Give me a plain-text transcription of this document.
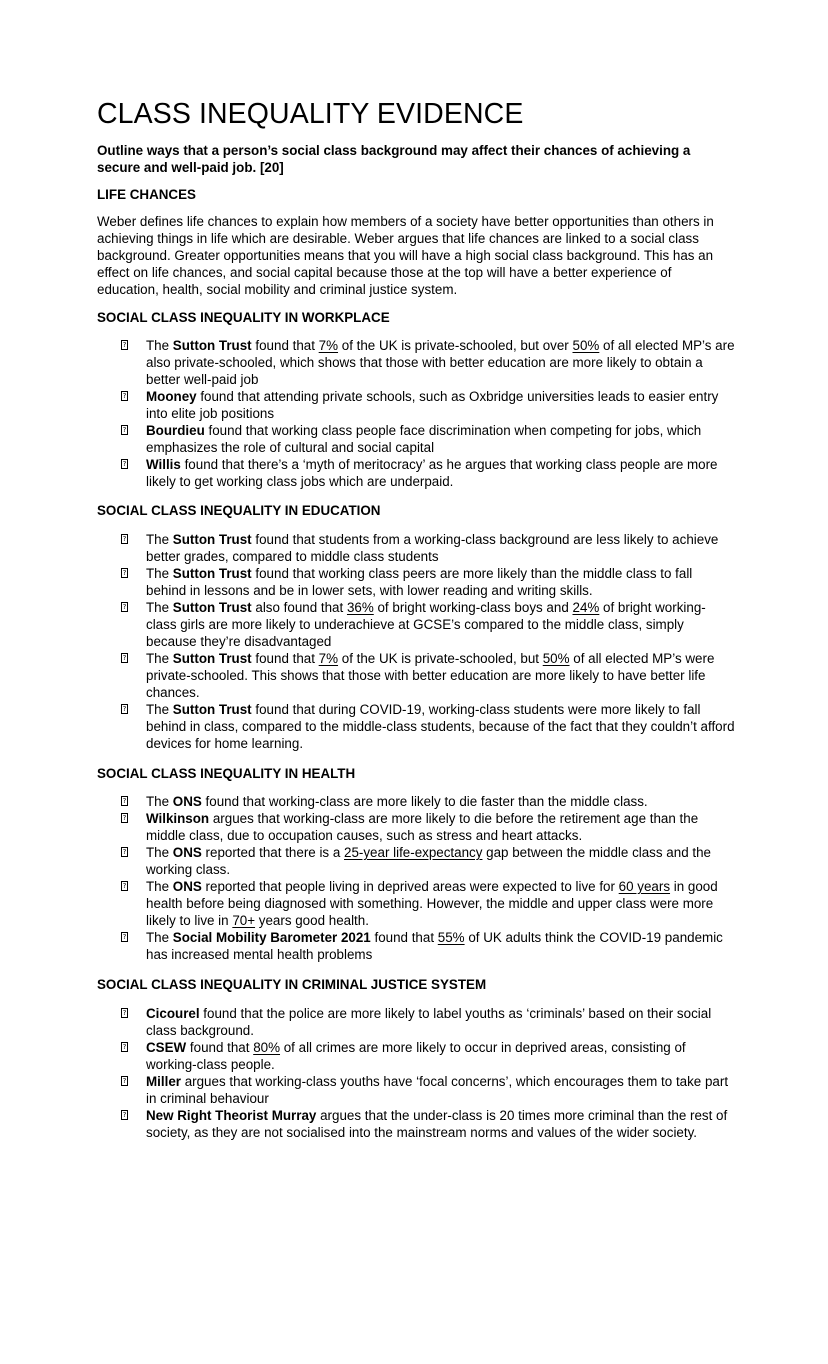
CLASS INEQUALITY EVIDENCE

Outline ways that a person’s social class background may affect their chances of achieving a secure and well-paid job. [20]

LIFE CHANCES

Weber defines life chances to explain how members of a society have better opportunities than others in achieving things in life which are desirable. Weber argues that life chances are linked to a social class background. Greater opportunities means that you will have a high social class background. This has an effect on life chances, and social capital because those at the top will have a better experience of education, health, social mobility and criminal justice system.

SOCIAL CLASS INEQUALITY IN WORKPLACE
? The Sutton Trust found that 7% of the UK is private-schooled, but over 50% of all elected MP’s are also private-schooled, which shows that those with better education are more likely to obtain a better well-paid job
? Mooney found that attending private schools, such as Oxbridge universities leads to easier entry into elite job positions
? Bourdieu found that working class people face discrimination when competing for jobs, which emphasizes the role of cultural and social capital
? Willis found that there’s a ‘myth of meritocracy’ as he argues that working class people are more likely to get working class jobs which are underpaid.
SOCIAL CLASS INEQUALITY IN EDUCATION
? The Sutton Trust found that students from a working-class background are less likely to achieve better grades, compared to middle class students
? The Sutton Trust found that working class peers are more likely than the middle class to fall behind in lessons and be in lower sets, with lower reading and writing skills.
? The Sutton Trust also found that 36% of bright working-class boys and 24% of bright working-class girls are more likely to underachieve at GCSE’s compared to the middle class, simply because they’re disadvantaged
? The Sutton Trust found that 7% of the UK is private-schooled, but 50% of all elected MP’s were private-schooled. This shows that those with better education are more likely to have better life chances.
? The Sutton Trust found that during COVID-19, working-class students were more likely to fall behind in class, compared to the middle-class students, because of the fact that they couldn’t afford devices for home learning.
SOCIAL CLASS INEQUALITY IN HEALTH
? The ONS found that working-class are more likely to die faster than the middle class.
? Wilkinson argues that working-class are more likely to die before the retirement age than the middle class, due to occupation causes, such as stress and heart attacks.
? The ONS reported that there is a 25-year life-expectancy gap between the middle class and the working class.
? The ONS reported that people living in deprived areas were expected to live for 60 years in good health before being diagnosed with something. However, the middle and upper class were more likely to live in 70+ years good health.
? The Social Mobility Barometer 2021 found that 55% of UK adults think the COVID-19 pandemic has increased mental health problems
SOCIAL CLASS INEQUALITY IN CRIMINAL JUSTICE SYSTEM
? Cicourel found that the police are more likely to label youths as ‘criminals’ based on their social class background.
? CSEW found that 80% of all crimes are more likely to occur in deprived areas, consisting of working-class people.
? Miller argues that working-class youths have ‘focal concerns’, which encourages them to take part in criminal behaviour
? New Right Theorist Murray argues that the under-class is 20 times more criminal than the rest of society, as they are not socialised into the mainstream norms and values of the wider society.
